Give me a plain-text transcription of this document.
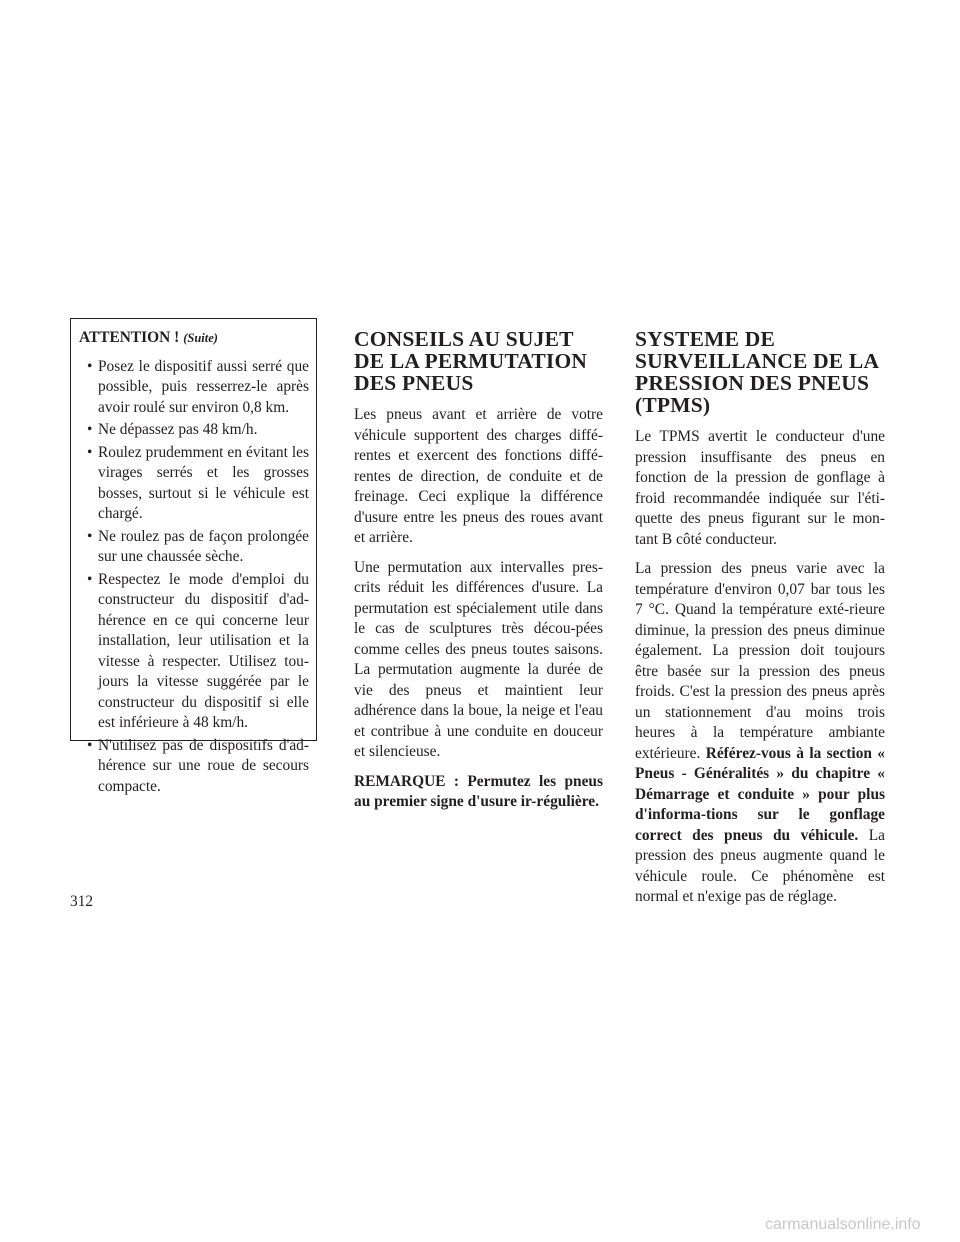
ATTENTION ! (Suite)
• Posez le dispositif aussi serré que possible, puis resserrez-le après avoir roulé sur environ 0,8 km.
• Ne dépassez pas 48 km/h.
• Roulez prudemment en évitant les virages serrés et les grosses bosses, surtout si le véhicule est chargé.
• Ne roulez pas de façon prolongée sur une chaussée sèche.
• Respectez le mode d'emploi du constructeur du dispositif d'ad-hérence en ce qui concerne leur installation, leur utilisation et la vitesse à respecter. Utilisez tou-jours la vitesse suggérée par le constructeur du dispositif si elle est inférieure à 48 km/h.
• N'utilisez pas de dispositifs d'ad-hérence sur une roue de secours compacte.
CONSEILS AU SUJET DE LA PERMUTATION DES PNEUS

Les pneus avant et arrière de votre véhicule supportent des charges diffé-rentes et exercent des fonctions diffé-rentes de direction, de conduite et de freinage. Ceci explique la différence d'usure entre les pneus des roues avant et arrière.

Une permutation aux intervalles pres-crits réduit les différences d'usure. La permutation est spécialement utile dans le cas de sculptures très décou-pées comme celles des pneus toutes saisons. La permutation augmente la durée de vie des pneus et maintient leur adhérence dans la boue, la neige et l'eau et contribue à une conduite en douceur et silencieuse.

REMARQUE : Permutez les pneus au premier signe d'usure ir-régulière.

SYSTEME DE SURVEILLANCE DE LA PRESSION DES PNEUS (TPMS)

Le TPMS avertit le conducteur d'une pression insuffisante des pneus en fonction de la pression de gonflage à froid recommandée indiquée sur l'éti-quette des pneus figurant sur le mon-tant B côté conducteur.

La pression des pneus varie avec la température d'environ 0,07 bar tous les 7 °C. Quand la température exté-rieure diminue, la pression des pneus diminue également. La pression doit toujours être basée sur la pression des pneus froids. C'est la pression des pneus après un stationnement d'au moins trois heures à la température ambiante extérieure. Référez-vous à la section « Pneus - Généralités » du chapitre « Démarrage et conduite » pour plus d'informa-tions sur le gonflage correct des pneus du véhicule. La pression des pneus augmente quand le véhicule roule. Ce phénomène est normal et n'exige pas de réglage.

312
carmanualsonline.info
